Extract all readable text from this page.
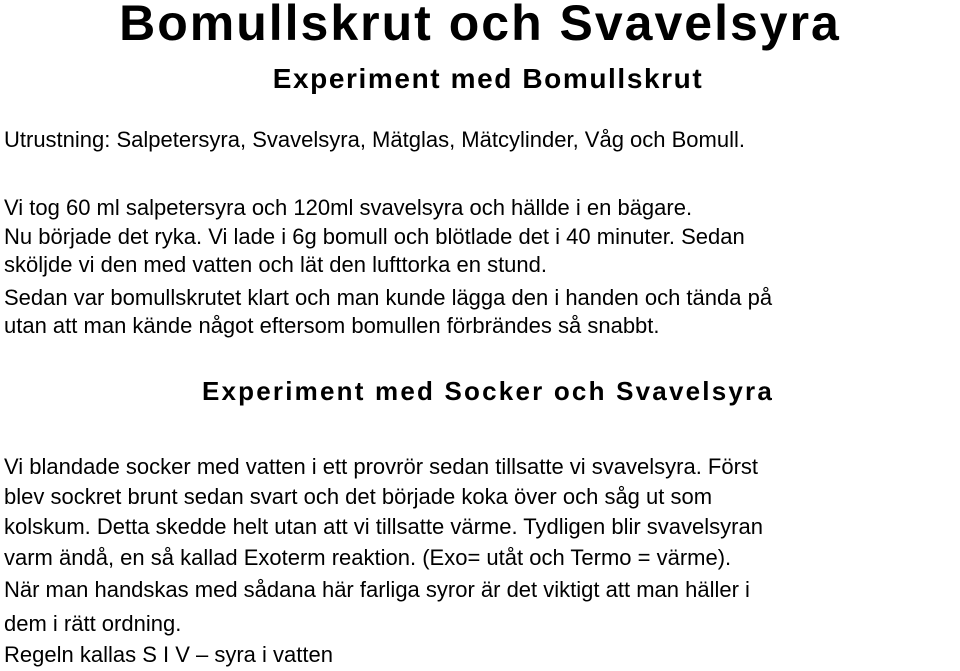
Bomullskrut och Svavelsyra
Experiment med Bomullskrut
Utrustning: Salpetersyra, Svavelsyra, Mätglas, Mätcylinder, Våg och Bomull.
Vi tog 60 ml salpetersyra och 120ml svavelsyra och hällde i en bägare.
Nu började det ryka. Vi lade i 6g bomull och blötlade det i 40 minuter. Sedan
sköljde vi den med vatten och lät den lufttorka en stund.
Sedan var bomullskrutet klart och man kunde lägga den i handen och tända på
utan att man kände något eftersom bomullen förbrändes så snabbt.
Experiment med Socker och Svavelsyra
Vi blandade socker med vatten i ett provrör sedan tillsatte vi svavelsyra. Först
blev sockret brunt sedan svart och det började koka över och såg ut som
kolskum. Detta skedde helt utan att vi tillsatte värme. Tydligen blir svavelsyran
varm ändå, en så kallad Exoterm reaktion. (Exo= utåt och Termo = värme).
När man handskas med sådana här farliga syror är det viktigt att man häller i
dem i rätt ordning.
Regeln kallas S I V – syra i vatten
